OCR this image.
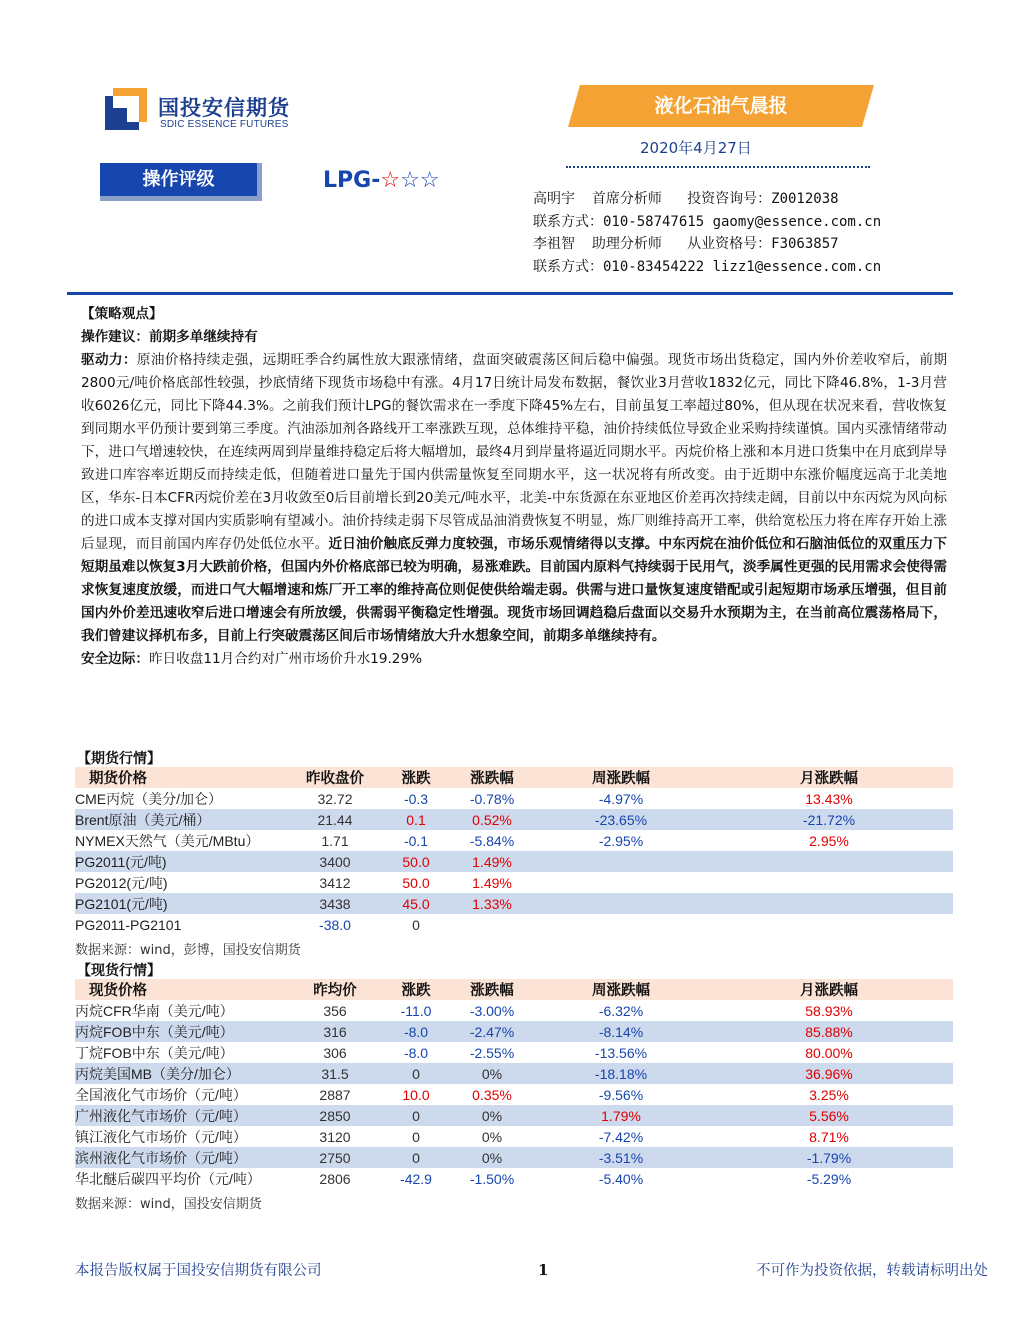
国投安信期货
SDIC ESSENCE FUTURES
液化石油气晨报
2020年4月27日
操作评级	LPG-☆☆☆
高明宇  首席分析师   投资咨询号：Z0012038
联系方式：010-58747615 gaomy@essence.com.cn
李祖智  助理分析师   从业资格号：F3063857
联系方式：010-83454222 lizz1@essence.com.cn
【策略观点】
操作建议：前期多单继续持有
驱动力：原油价格持续走强，远期旺季合约属性放大跟涨情绪，盘面突破震荡区间后稳中偏强。现货市场出货稳定，国内外价差收窄后，前期2800元/吨价格底部性较强，抄底情绪下现货市场稳中有涨。4月17日统计局发布数据，餐饮业3月营收1832亿元，同比下降46.8%，1-3月营收6026亿元，同比下降44.3%。之前我们预计LPG的餐饮需求在一季度下降45%左右，目前虽复工率超过80%，但从现在状况来看，营收恢复到同期水平仍预计要到第三季度。汽油添加剂各路线开工率涨跌互现，总体维持平稳，油价持续低位导致企业采购持续谨慎。国内买涨情绪带动下，进口气增速较快，在连续两周到岸量维持稳定后将大幅增加，最终4月到岸量将逼近同期水平。丙烷价格上涨和本月进口货集中在月底到岸导致进口库容率近期反而持续走低，但随着进口量先于国内供需量恢复至同期水平，这一状况将有所改变。由于近期中东涨价幅度远高于北美地区，华东-日本CFR丙烷价差在3月收敛至0后目前增长到20美元/吨水平，北美-中东货源在东亚地区价差再次持续走阔，目前以中东丙烷为风向标的进口成本支撑对国内实质影响有望减小。油价持续走弱下尽管成品油消费恢复不明显，炼厂则维持高开工率，供给宽松压力将在库存开始上涨后显现，而目前国内库存仍处低位水平。近日油价触底反弹力度较强，市场乐观情绪得以支撑。中东丙烷在油价低位和石脑油低位的双重压力下短期虽难以恢复3月大跌前价格，但国内外价格底部已较为明确，易涨难跌。目前国内原料气持续弱于民用气，淡季属性更强的民用需求会使得需求恢复速度放缓，而进口气大幅增速和炼厂开工率的维持高位则促使供给端走弱。供需与进口量恢复速度错配或引起短期市场承压增强，但目前国内外价差迅速收窄后进口增速会有所放缓，供需弱平衡稳定性增强。现货市场回调趋稳后盘面以交易升水预期为主，在当前高位震荡格局下，我们曾建议择机布多，目前上行突破震荡区间后市场情绪放大升水想象空间，前期多单继续持有。
安全边际：昨日收盘11月合约对广州市场价升水19.29%
【期货行情】
期货价格	昨收盘价	涨跌	涨跌幅	周涨跌幅	月涨跌幅
CME丙烷（美分/加仑）	32.72	-0.3	-0.78%	-4.97%	13.43%
Brent原油（美元/桶）	21.44	0.1	0.52%	-23.65%	-21.72%
NYMEX天然气（美元/MBtu）	1.71	-0.1	-5.84%	-2.95%	2.95%
PG2011(元/吨)	3400	50.0	1.49%		
PG2012(元/吨)	3412	50.0	1.49%		
PG2101(元/吨)	3438	45.0	1.33%		
PG2011-PG2101	-38.0	0			
数据来源：wind，彭博，国投安信期货
【现货行情】
现货价格	昨均价	涨跌	涨跌幅	周涨跌幅	月涨跌幅
丙烷CFR华南（美元/吨）	356	-11.0	-3.00%	-6.32%	58.93%
丙烷FOB中东（美元/吨）	316	-8.0	-2.47%	-8.14%	85.88%
丁烷FOB中东（美元/吨）	306	-8.0	-2.55%	-13.56%	80.00%
丙烷美国MB（美分/加仑）	31.5	0	0%	-18.18%	36.96%
全国液化气市场价（元/吨）	2887	10.0	0.35%	-9.56%	3.25%
广州液化气市场价（元/吨）	2850	0	0%	1.79%	5.56%
镇江液化气市场价（元/吨）	3120	0	0%	-7.42%	8.71%
滨州液化气市场价（元/吨）	2750	0	0%	-3.51%	-1.79%
华北醚后碳四平均价（元/吨）	2806	-42.9	-1.50%	-5.40%	-5.29%
数据来源：wind，国投安信期货
本报告版权属于国投安信期货有限公司	1	不可作为投资依据，转载请标明出处
